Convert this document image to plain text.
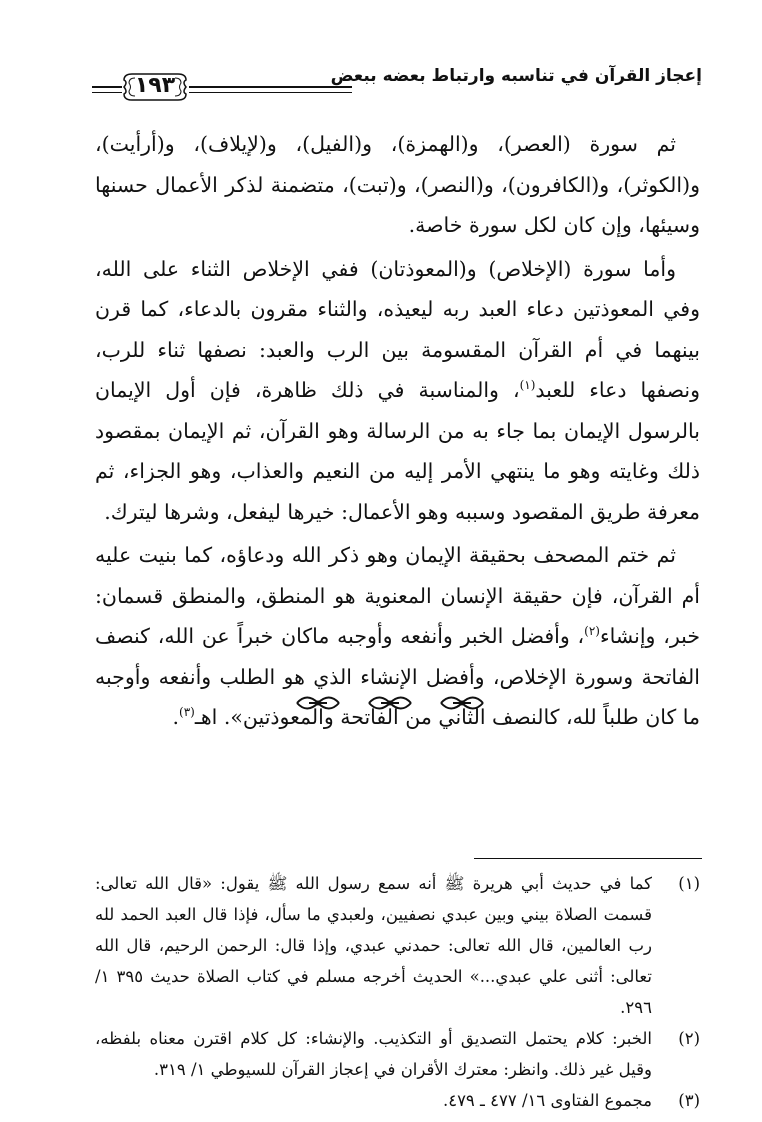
إعجاز القرآن في تناسبه وارتباط بعضه ببعض
١٩٣

ثم سورة (العصر)، و(الهمزة)، و(الفيل)، و(لإيلاف)، و(أرأيت)، و(الكوثر)، و(الكافرون)، و(النصر)، و(تبت)، متضمنة لذكر الأعمال حسنها وسيئها، وإن كان لكل سورة خاصة.

وأما سورة (الإخلاص) و(المعوذتان) ففي الإخلاص الثناء على الله، وفي المعوذتين دعاء العبد ربه ليعيذه، والثناء مقرون بالدعاء، كما قرن بينهما في أم القرآن المقسومة بين الرب والعبد: نصفها ثناء للرب، ونصفها دعاء للعبد$^{(١)}$، والمناسبة في ذلك ظاهرة، فإن أول الإيمان بالرسول الإيمان بما جاء به من الرسالة وهو القرآن، ثم الإيمان بمقصود ذلك وغايته وهو ما ينتهي الأمر إليه من النعيم والعذاب، وهو الجزاء، ثم معرفة طريق المقصود وسببه وهو الأعمال: خيرها ليفعل، وشرها ليترك.

ثم ختم المصحف بحقيقة الإيمان وهو ذكر الله ودعاؤه، كما بنيت عليه أم القرآن، فإن حقيقة الإنسان المعنوية هو المنطق، والمنطق قسمان: خبر، وإنشاء$^{(٢)}$، وأفضل الخبر وأنفعه وأوجبه ماكان خبراً عن الله، كنصف الفاتحة وسورة الإخلاص، وأفضل الإنشاء الذي هو الطلب وأنفعه وأوجبه ما كان طلباً لله، كالنصف الثاني من الفاتحة والمعوذتين». اهـ$^{(٣)}$.

(١)
كما في حديث أبي هريرة ﷺ أنه سمع رسول الله ﷺ يقول: «قال الله تعالى: قسمت الصلاة بيني وبين عبدي نصفيين، ولعبدي ما سأل، فإذا قال العبد الحمد لله رب العالمين، قال الله تعالى: حمدني عبدي، وإذا قال: الرحمن الرحيم، قال الله تعالى: أثنى علي عبدي...» الحديث أخرجه مسلم في كتاب الصلاة حديث ٣٩٥ ١/ ٢٩٦.
(٢)
الخبر: كلام يحتمل التصديق أو التكذيب. والإنشاء: كل كلام اقترن معناه بلفظه، وقيل غير ذلك. وانظر: معترك الأقران في إعجاز القرآن للسيوطي ١/ ٣١٩.
(٣)
مجموع الفتاوى ١٦/ ٤٧٧ ـ ٤٧٩.
